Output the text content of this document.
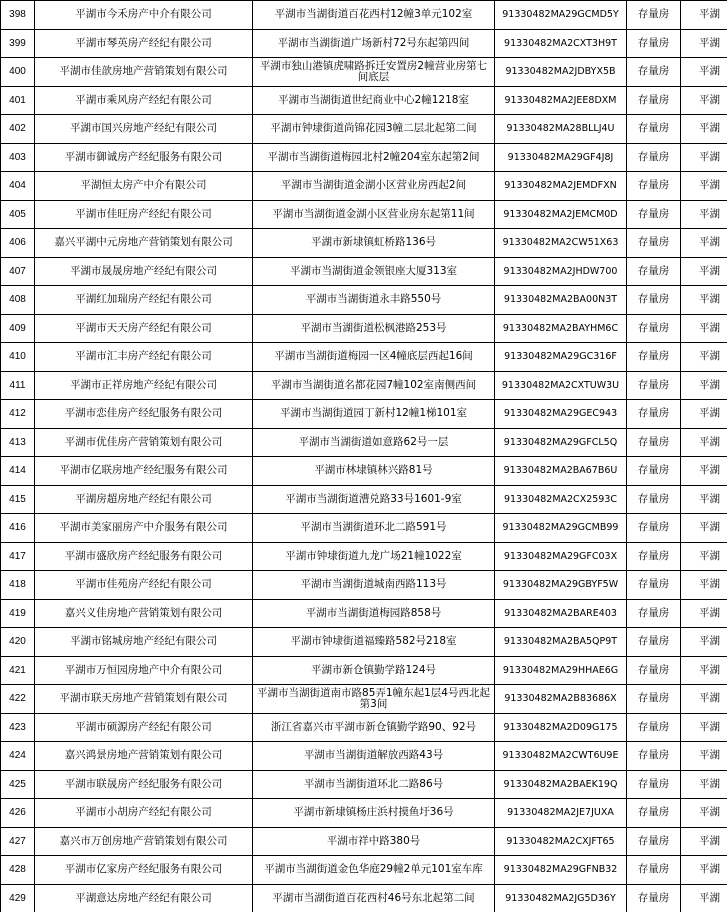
398	平湖市今禾房产中介有限公司	平湖市当湖街道百花西村12幢3单元102室	91330482MA29GCMD5Y	存量房	平湖
399	平湖市琴英房产经纪有限公司	平湖市当湖街道广场新村72号东起第四间	91330482MA2CXT3H9T	存量房	平湖
400	平湖市佳歆房地产营销策划有限公司	平湖市独山港镇虎啸路拆迁安置房2幢营业房第七间底层	91330482MA2JDBYX5B	存量房	平湖
401	平湖市乘风房产经纪有限公司	平湖市当湖街道世纪商业中心2幢1218室	91330482MA2JEE8DXM	存量房	平湖
402	平湖市国兴房地产经纪有限公司	平湖市钟埭街道尚锦花园3幢二层北起第二间	91330482MA28BLLJ4U	存量房	平湖
403	平湖市御诚房产经纪服务有限公司	平湖市当湖街道梅园北村2幢204室东起第2间	91330482MA29GF4J8J	存量房	平湖
404	平湖恒太房产中介有限公司	平湖市当湖街道金湖小区营业房西起2间	91330482MA2JEMDFXN	存量房	平湖
405	平湖市佳旺房产经纪有限公司	平湖市当湖街道金湖小区营业房东起第11间	91330482MA2JEMCM0D	存量房	平湖
406	嘉兴平湖中元房地产营销策划有限公司	平湖市新埭镇虹桥路136号	91330482MA2CW51X63	存量房	平湖
407	平湖市晟晟房地产经纪有限公司	平湖市当湖街道金领银座大厦313室	91330482MA2JHDW700	存量房	平湖
408	平湖红加瑞房产经纪有限公司	平湖市当湖街道永丰路550号	91330482MA2BA00N3T	存量房	平湖
409	平湖市天天房产经纪有限公司	平湖市当湖街道松枫港路253号	91330482MA2BAYHM6C	存量房	平湖
410	平湖市汇丰房产经纪有限公司	平湖市当湖街道梅园一区4幢底层西起16间	91330482MA29GC316F	存量房	平湖
411	平湖市正祥房地产经纪有限公司	平湖市当湖街道名都花园7幢102室南侧西间	91330482MA2CXTUW3U	存量房	平湖
412	平湖市恋佳房产经纪服务有限公司	平湖市当湖街道园丁新村12幢1梯101室	91330482MA29GEC943	存量房	平湖
413	平湖市优佳房产营销策划有限公司	平湖市当湖街道如意路62号一层	91330482MA29GFCL5Q	存量房	平湖
414	平湖市亿联房地产经纪服务有限公司	平湖市林埭镇林兴路81号	91330482MA2BA67B6U	存量房	平湖
415	平湖房超房地产经纪有限公司	平湖市当湖街道漕兑路33号1601-9室	91330482MA2CX2593C	存量房	平湖
416	平湖市美家丽房产中介服务有限公司	平湖市当湖街道环北二路591号	91330482MA29GCMB99	存量房	平湖
417	平湖市盛欣房产经纪服务有限公司	平湖市钟埭街道九龙广场21幢1022室	91330482MA29GFC03X	存量房	平湖
418	平湖市佳苑房产经纪有限公司	平湖市当湖街道城南西路113号	91330482MA29GBYF5W	存量房	平湖
419	嘉兴义佳房地产营销策划有限公司	平湖市当湖街道梅园路858号	91330482MA2BARE403	存量房	平湖
420	平湖市铭城房地产经纪有限公司	平湖市钟埭街道福臻路582号218室	91330482MA2BA5QP9T	存量房	平湖
421	平湖市万恒园房地产中介有限公司	平湖市新仓镇勤学路124号	91330482MA29HHAE6G	存量房	平湖
422	平湖市联天房地产营销策划有限公司	平湖市当湖街道南市路85弄1幢东起1层4号西北起第3间	91330482MA2B83686X	存量房	平湖
423	平湖市硕源房产经纪有限公司	浙江省嘉兴市平湖市新仓镇勤学路90、92号	91330482MA2D09G175	存量房	平湖
424	嘉兴鸿景房地产营销策划有限公司	平湖市当湖街道解放西路43号	91330482MA2CWT6U9E	存量房	平湖
425	平湖市联晟房产经纪服务有限公司	平湖市当湖街道环北二路86号	91330482MA2BAEK19Q	存量房	平湖
426	平湖市小胡房产经纪有限公司	平湖市新埭镇杨庄浜村摸鱼圩36号	91330482MA2JE7JUXA	存量房	平湖
427	嘉兴市万创房地产营销策划有限公司	平湖市祥中路380号	91330482MA2CXJFT65	存量房	平湖
428	平湖市亿家房产经纪服务有限公司	平湖市当湖街道金色华庭29幢2单元101室车库	91330482MA29GFNB32	存量房	平湖
429	平湖意达房地产经纪有限公司	平湖市当湖街道百花西村46号东北起第二间	91330482MA2JG5D36Y	存量房	平湖
